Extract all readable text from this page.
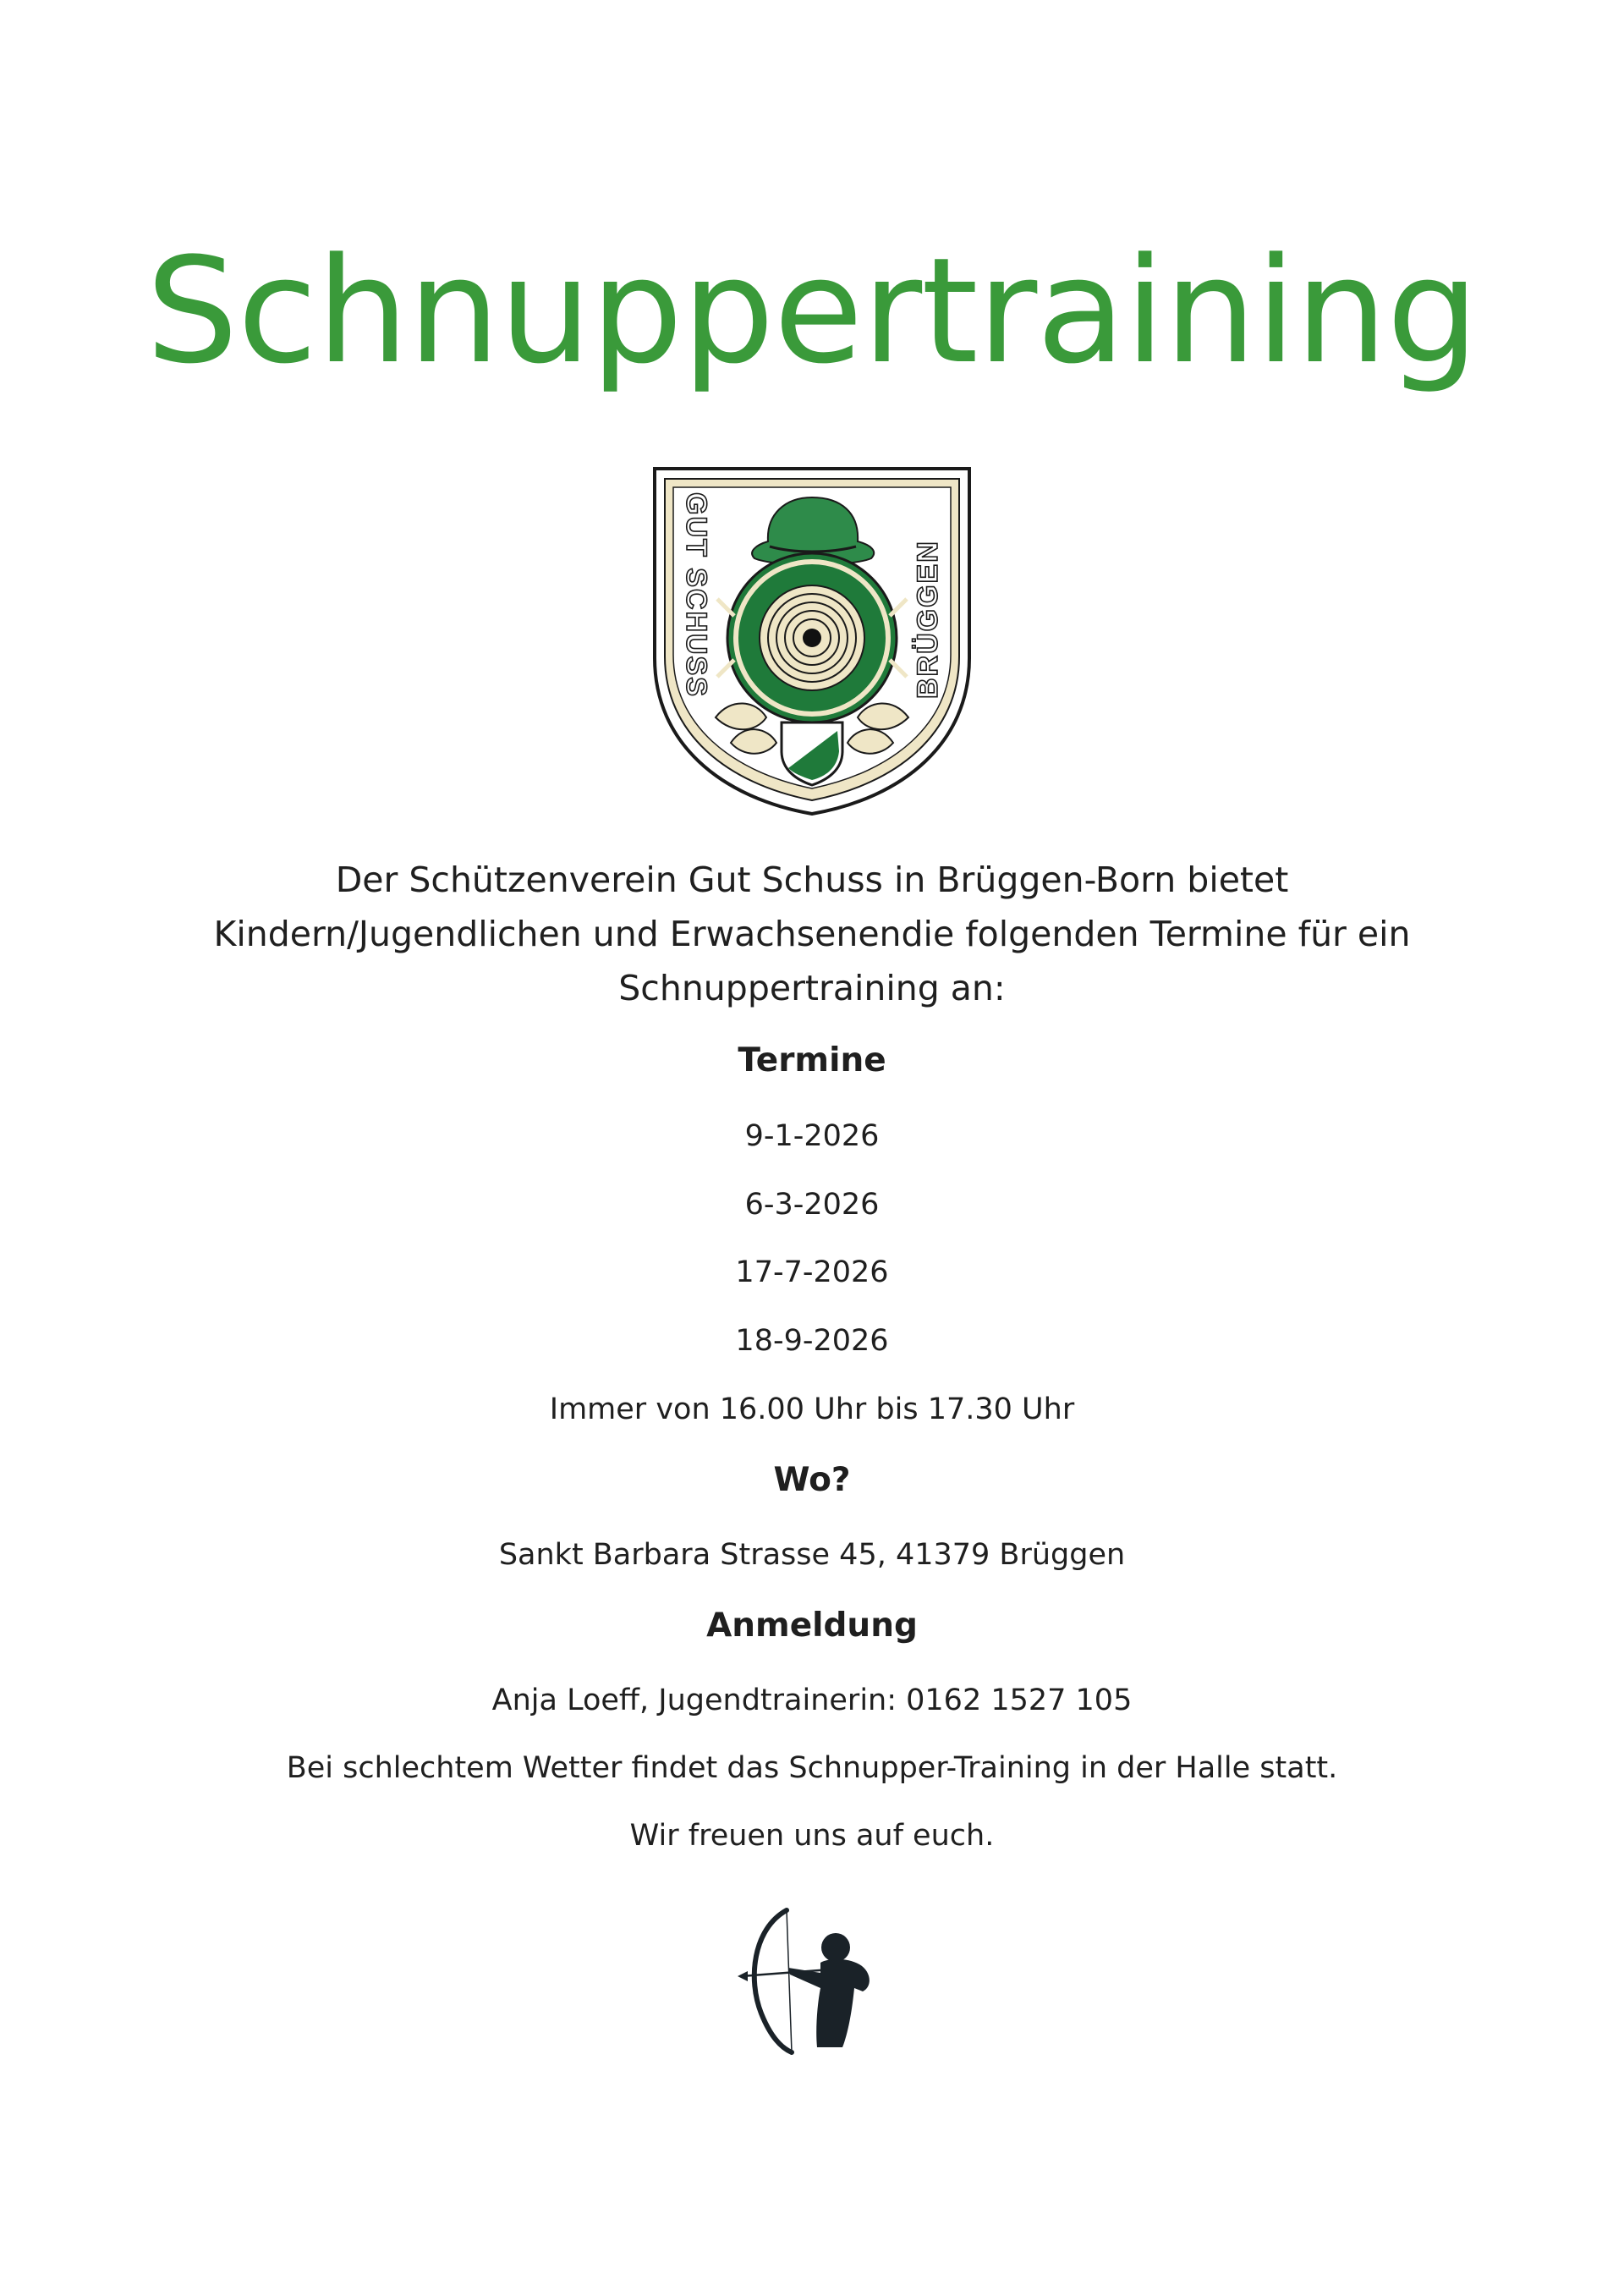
Schnuppertraining
GUT SCHUSS	BRÜGGEN
Der Schützenverein Gut Schuss in Brüggen-Born bietet
Kindern/Jugendlichen und Erwachsenendie folgenden Termine für ein
Schnuppertraining an:
Termine
9-1-2026
6-3-2026
17-7-2026
18-9-2026
Immer von 16.00 Uhr bis 17.30 Uhr
Wo?
Sankt Barbara Strasse 45, 41379 Brüggen
Anmeldung
Anja Loeff, Jugendtrainerin: 0162 1527 105
Bei schlechtem Wetter findet das Schnupper-Training in der Halle statt.
Wir freuen uns auf euch.
